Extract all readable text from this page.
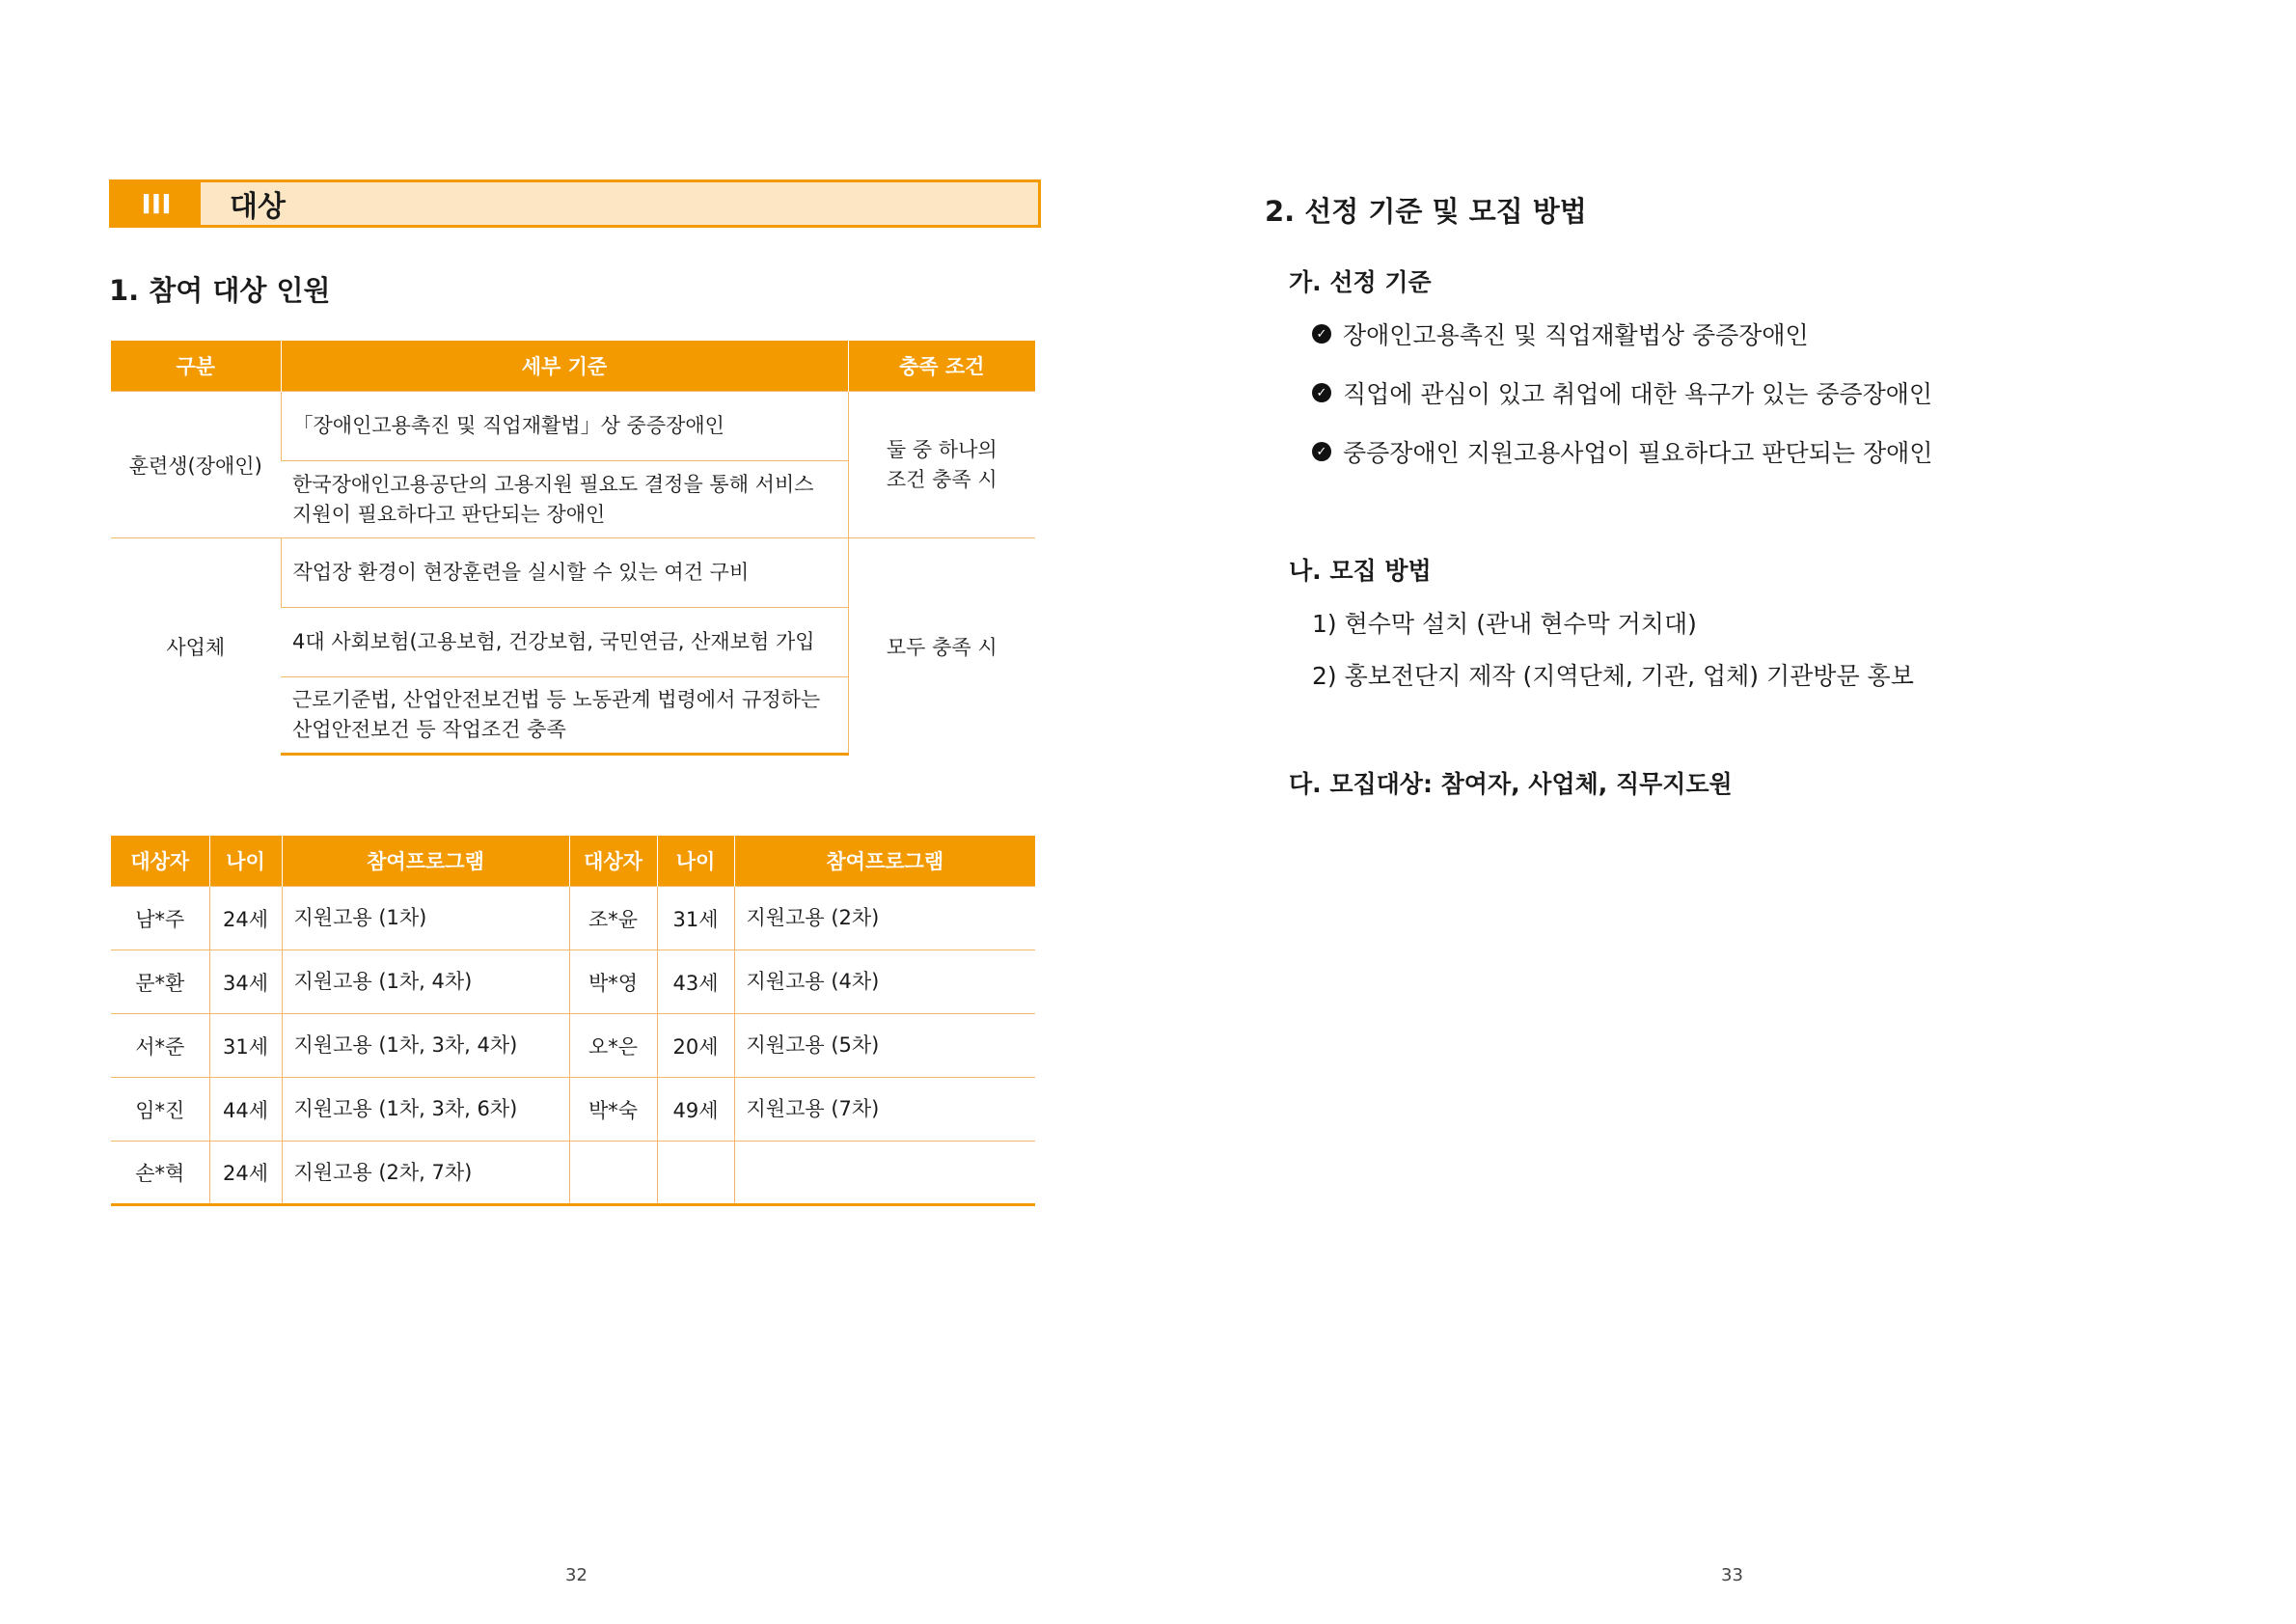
III	대상
1. 참여 대상 인원
구분	세부 기준	충족 조건
훈련생(장애인)	「장애인고용촉진 및 직업재활법」상 중증장애인	둘 중 하나의 조건 충족 시
	한국장애인고용공단의 고용지원 필요도 결정을 통해 서비스 지원이 필요하다고 판단되는 장애인	
사업체	작업장 환경이 현장훈련을 실시할 수 있는 여건 구비	모두 충족 시
	4대 사회보험(고용보험, 건강보험, 국민연금, 산재보험 가입	
	근로기준법, 산업안전보건법 등 노동관계 법령에서 규정하는 산업안전보건 등 작업조건 충족	
대상자	나이	참여프로그램	대상자	나이	참여프로그램
남*주	24세	지원고용 (1차)	조*윤	31세	지원고용 (2차)
문*환	34세	지원고용 (1차, 4차)	박*영	43세	지원고용 (4차)
서*준	31세	지원고용 (1차, 3차, 4차)	오*은	20세	지원고용 (5차)
임*진	44세	지원고용 (1차, 3차, 6차)	박*숙	49세	지원고용 (7차)
손*혁	24세	지원고용 (2차, 7차)			
32
2. 선정 기준 및 모집 방법
가. 선정 기준
✓ 장애인고용촉진 및 직업재활법상 중증장애인
✓ 직업에 관심이 있고 취업에 대한 욕구가 있는 중증장애인
✓ 중증장애인 지원고용사업이 필요하다고 판단되는 장애인
나. 모집 방법
1) 현수막 설치 (관내 현수막 거치대)
2) 홍보전단지 제작 (지역단체, 기관, 업체) 기관방문 홍보
다. 모집대상: 참여자, 사업체, 직무지도원
33
